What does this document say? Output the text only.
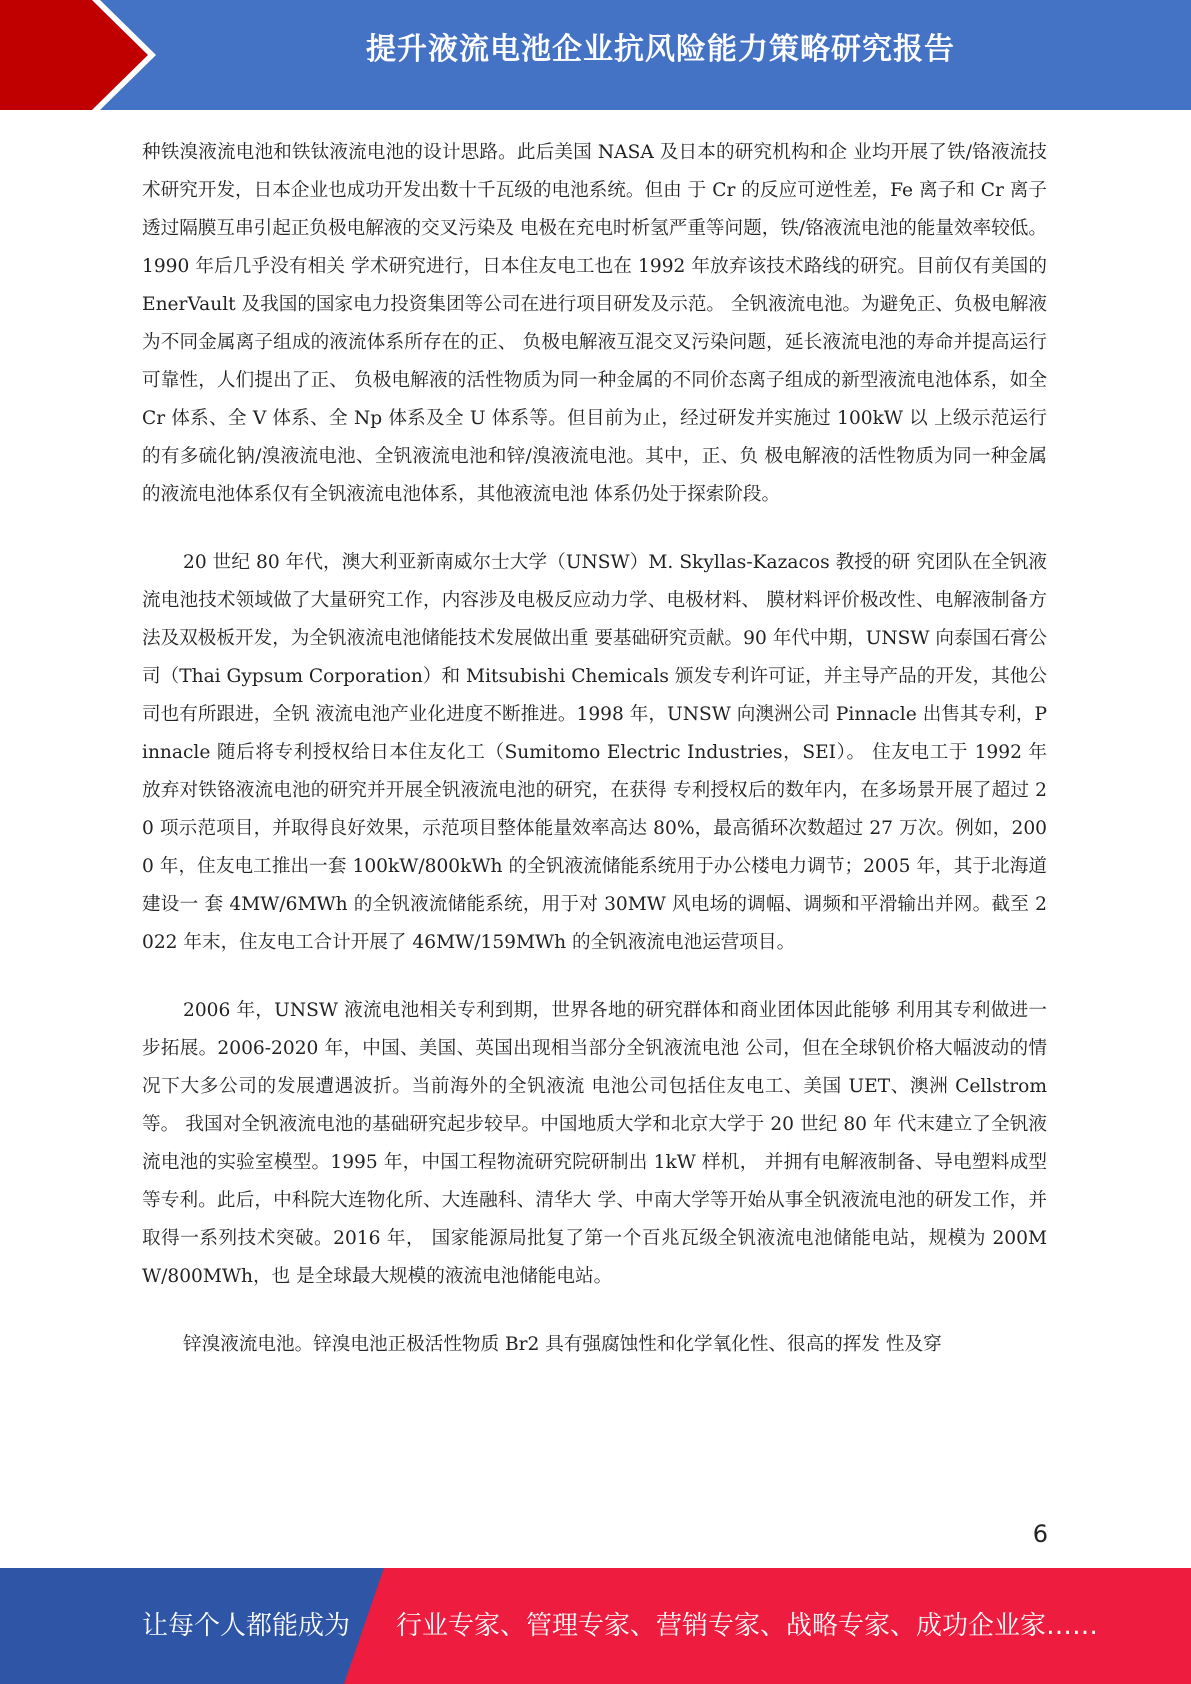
提升液流电池企业抗风险能力策略研究报告

种铁溴液流电池和铁钛液流电池的设计思路。此后美国 NASA 及日本的研究机构和企 业均开展了铁/铬液流技术研究开发，日本企业也成功开发出数十千瓦级的电池系统。但由 于 Cr 的反应可逆性差，Fe 离子和 Cr 离子透过隔膜互串引起正负极电解液的交叉污染及 电极在充电时析氢严重等问题，铁/铬液流电池的能量效率较低。1990 年后几乎没有相关 学术研究进行，日本住友电工也在 1992 年放弃该技术路线的研究。目前仅有美国的 EnerVault 及我国的国家电力投资集团等公司在进行项目研发及示范。 全钒液流电池。为避免正、负极电解液为不同金属离子组成的液流体系所存在的正、 负极电解液互混交叉污染问题，延长液流电池的寿命并提高运行可靠性，人们提出了正、 负极电解液的活性物质为同一种金属的不同价态离子组成的新型液流电池体系，如全 Cr 体系、全 V 体系、全 Np 体系及全 U 体系等。但目前为止，经过研发并实施过 100kW 以 上级示范运行的有多硫化钠/溴液流电池、全钒液流电池和锌/溴液流电池。其中，正、负 极电解液的活性物质为同一种金属的液流电池体系仅有全钒液流电池体系，其他液流电池 体系仍处于探索阶段。

20 世纪 80 年代，澳大利亚新南威尔士大学（UNSW）M. Skyllas-Kazacos 教授的研 究团队在全钒液流电池技术领域做了大量研究工作，内容涉及电极反应动力学、电极材料、 膜材料评价极改性、电解液制备方法及双极板开发，为全钒液流电池储能技术发展做出重 要基础研究贡献。90 年代中期，UNSW 向泰国石膏公司（Thai Gypsum Corporation）和 Mitsubishi Chemicals 颁发专利许可证，并主导产品的开发，其他公司也有所跟进，全钒 液流电池产业化进度不断推进。1998 年，UNSW 向澳洲公司 Pinnacle 出售其专利，Pinnacle 随后将专利授权给日本住友化工（Sumitomo Electric Industries，SEI）。 住友电工于 1992 年放弃对铁铬液流电池的研究并开展全钒液流电池的研究，在获得 专利授权后的数年内，在多场景开展了超过 20 项示范项目，并取得良好效果，示范项目整体能量效率高达 80%，最高循环次数超过 27 万次。例如，2000 年，住友电工推出一套 100kW/800kWh 的全钒液流储能系统用于办公楼电力调节；2005 年，其于北海道建设一 套 4MW/6MWh 的全钒液流储能系统，用于对 30MW 风电场的调幅、调频和平滑输出并网。截至 2022 年末，住友电工合计开展了 46MW/159MWh 的全钒液流电池运营项目。

2006 年，UNSW 液流电池相关专利到期，世界各地的研究群体和商业团体因此能够 利用其专利做进一步拓展。2006-2020 年，中国、美国、英国出现相当部分全钒液流电池 公司，但在全球钒价格大幅波动的情况下大多公司的发展遭遇波折。当前海外的全钒液流 电池公司包括住友电工、美国 UET、澳洲 Cellstrom 等。 我国对全钒液流电池的基础研究起步较早。中国地质大学和北京大学于 20 世纪 80 年 代末建立了全钒液流电池的实验室模型。1995 年，中国工程物流研究院研制出 1kW 样机， 并拥有电解液制备、导电塑料成型等专利。此后，中科院大连物化所、大连融科、清华大 学、中南大学等开始从事全钒液流电池的研发工作，并取得一系列技术突破。2016 年， 国家能源局批复了第一个百兆瓦级全钒液流电池储能电站，规模为 200MW/800MWh，也 是全球最大规模的液流电池储能电站。

锌溴液流电池。锌溴电池正极活性物质 Br2 具有强腐蚀性和化学氧化性、很高的挥发 性及穿

6
让每个人都能成为 行业专家、管理专家、营销专家、战略专家、成功企业家……
